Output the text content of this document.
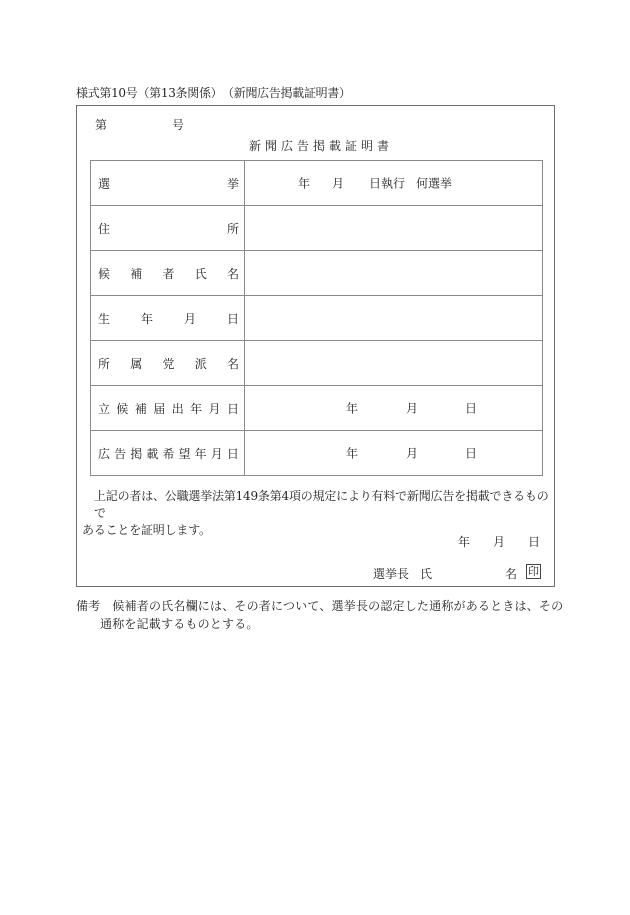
様式第10号（第13条関係）　（新聞広告掲載証明書）
第	号
新聞広告掲載証明書
選 挙	年 月 日執行 何選挙

住 所	

候 補 者 氏 名	

生 年 月 日	

所 属 党 派 名	

立 候 補 届 出 年 月 日	年	月	日

広 告 掲 載 希 望 年 月 日	年	月	日
上記の者は、公職選挙法第149条第4項の規定により有料で新聞広告を掲載できるもので
あることを証明します。
年 月 日
選挙長 氏	名 印
備考 候補者の氏名欄には、その者について、選挙長の認定した通称があるときは、その
通称を記載するものとする。
